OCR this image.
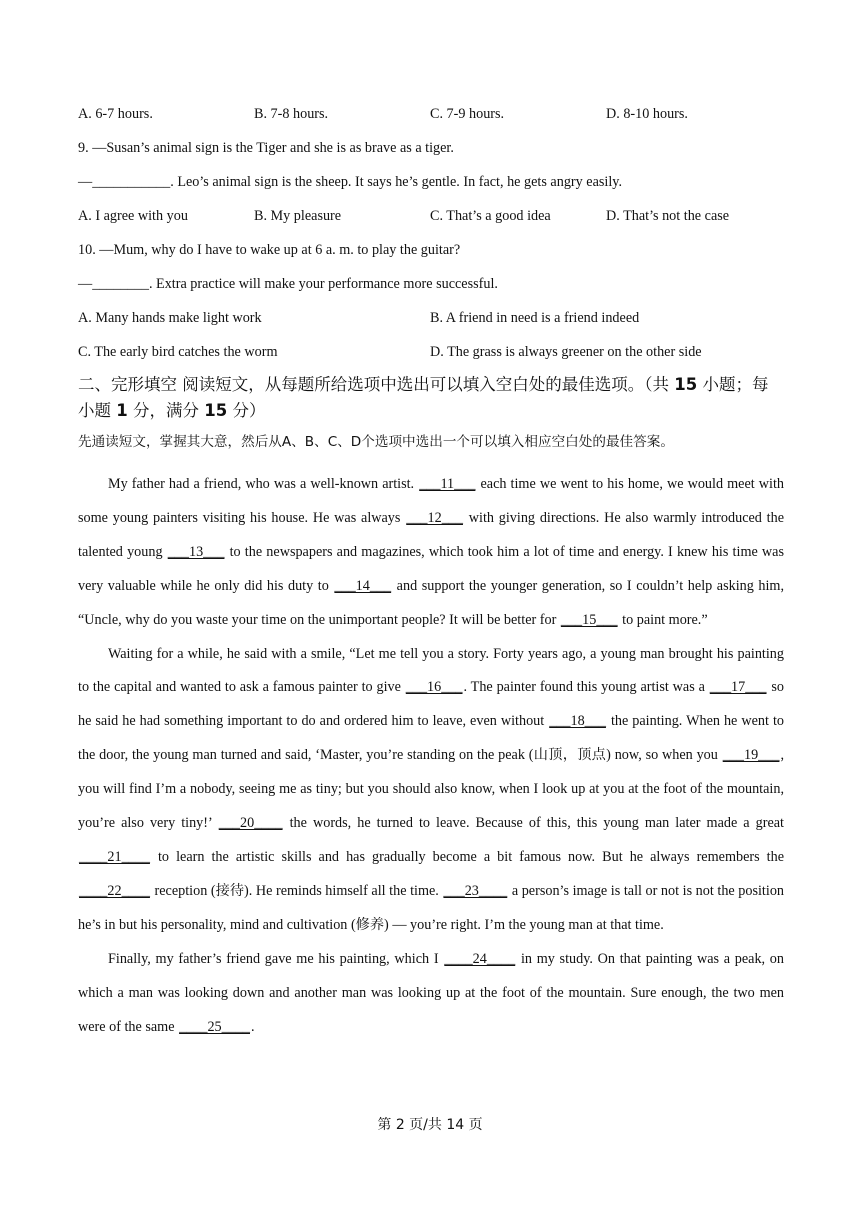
A. 6-7 hours.	B. 7-8 hours.	C. 7-9 hours.	D. 8-10 hours.
9. —Susan’s animal sign is the Tiger and she is as brave as a tiger.
—___________. Leo’s animal sign is the sheep. It says he’s gentle. In fact, he gets angry easily.
A. I agree with you	B. My pleasure	C. That’s a good idea	D. That’s not the case
10. —Mum, why do I have to wake up at 6 a. m. to play the guitar?
—________. Extra practice will make your performance more successful.
A. Many hands make light work	B. A friend in need is a friend indeed
C. The early bird catches the worm	D. The grass is always greener on the other side
二、完形填空 阅读短文，从每题所给选项中选出可以填入空白处的最佳选项。（共 15 小题；每小题 1 分，满分 15 分）
先通读短文，掌握其大意，然后从A、B、C、D个选项中选出一个可以填入相应空白处的最佳答案。

My father had a friend, who was a well-known artist. ___11___ each time we went to his home, we would meet with some young painters visiting his house. He was always ___12___ with giving directions. He also warmly introduced the talented young ___13___ to the newspapers and magazines, which took him a lot of time and energy. I knew his time was very valuable while he only did his duty to ___14___ and support the younger generation, so I couldn’t help asking him, “Uncle, why do you waste your time on the unimportant people? It will be better for ___15___ to paint more.”

Waiting for a while, he said with a smile, “Let me tell you a story. Forty years ago, a young man brought his painting to the capital and wanted to ask a famous painter to give ___16___. The painter found this young artist was a ___17___ so he said he had something important to do and ordered him to leave, even without ___18___ the painting. When he went to the door, the young man turned and said, ‘Master, you’re standing on the peak (山顶，顶点) now, so when you ___19___, you will find I’m a nobody, seeing me as tiny; but you should also know, when I look up at you at the foot of the mountain, you’re also very tiny!’ ___20____ the words, he turned to leave. Because of this, this young man later made a great ____21____ to learn the artistic skills and has gradually become a bit famous now. But he always remembers the ____22____ reception (接待). He reminds himself all the time. ___23____ a person’s image is tall or not is not the position he’s in but his personality, mind and cultivation (修养) — you’re right. I’m the young man at that time.

Finally, my father’s friend gave me his painting, which I ____24____ in my study. On that painting was a peak, on which a man was looking down and another man was looking up at the foot of the mountain. Sure enough, the two men were of the same ____25____.

第 2 页/共 14 页
